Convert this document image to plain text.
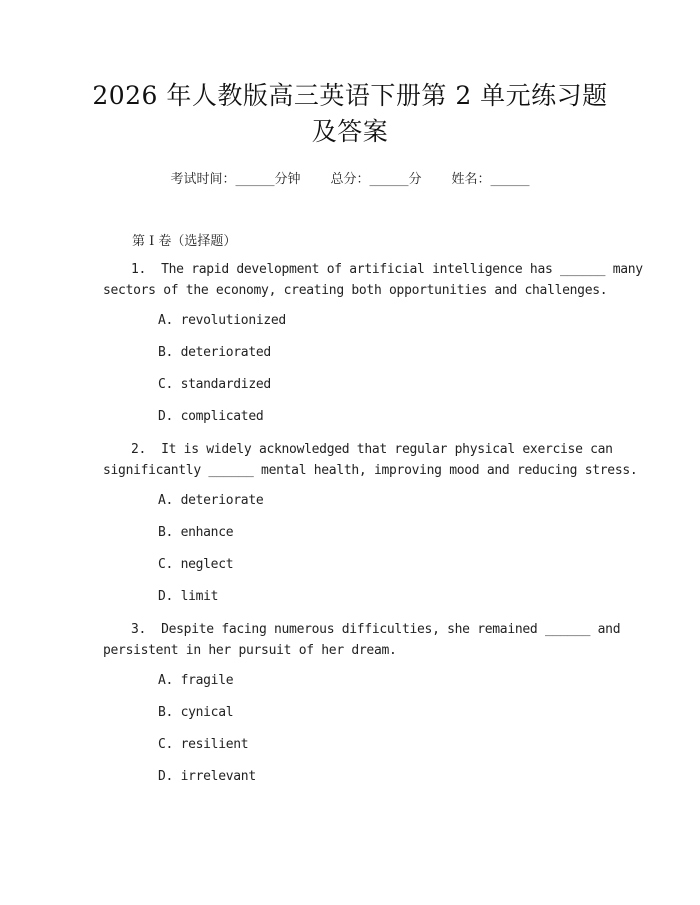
2026 年人教版高三英语下册第 2 单元练习题
及答案
考试时间：______分钟 总分：______分 姓名：______
第 I 卷（选择题）
1.  The rapid development of artificial intelligence has ______ many
sectors of the economy, creating both opportunities and challenges.
A. revolutionized
B. deteriorated
C. standardized
D. complicated
2.  It is widely acknowledged that regular physical exercise can
significantly ______ mental health, improving mood and reducing stress.
A. deteriorate
B. enhance
C. neglect
D. limit
3.  Despite facing numerous difficulties, she remained ______ and
persistent in her pursuit of her dream.
A. fragile
B. cynical
C. resilient
D. irrelevant
